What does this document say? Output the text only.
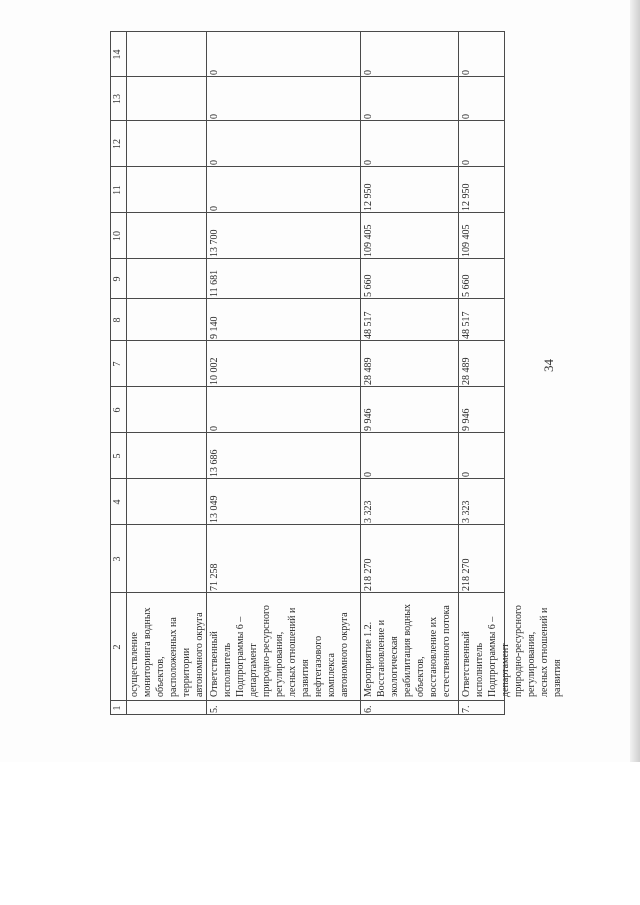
34
1
2
3
4
5
6
7
8
9
10
11
12
13
14
осуществление мониторинга водных объектов, расположенных на территории автономного округа
5.
Ответственный исполнитель Подпрограммы 6 – департамент природно-ресурсного регулирования, лесных отношений и развития нефтегазового комплекса автономного округа
71 258
13 049
13 686
0
10 002
9 140
11 681
13 700
0
0
0
0
6.
Мероприятие 1.2. Восстановление и экологическая реабилитация водных объектов, восстановление их естественного потока
218 270
3 323
0
9 946
28 489
48 517
5 660
109 405
12 950
0
0
0
7.
Ответственный исполнитель Подпрограммы 6 – департамент природно-ресурсного регулирования, лесных отношений и развития
218 270
3 323
0
9 946
28 489
48 517
5 660
109 405
12 950
0
0
0
